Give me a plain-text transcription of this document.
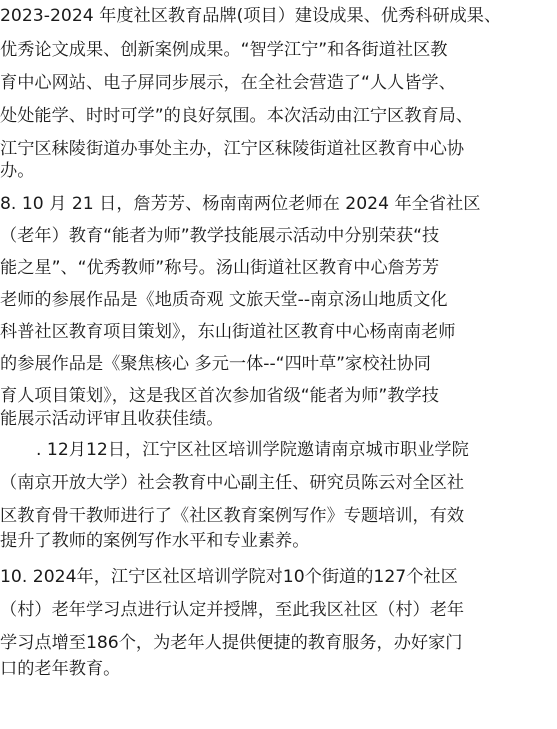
2023-2024 年度社区教育品牌(项目）建设成果、优秀科研成果、
优秀论文成果、创新案例成果。“智学江宁”和各街道社区教
育中心网站、电子屏同步展示，在全社会营造了“人人皆学、
处处能学、时时可学”的良好氛围。本次活动由江宁区教育局、
江宁区秣陵街道办事处主办，江宁区秣陵街道社区教育中心协
办。
8. 10 月 21 日，詹芳芳、杨南南两位老师在 2024 年全省社区
（老年）教育“能者为师”教学技能展示活动中分别荣获“技
能之星”、“优秀教师”称号。汤山街道社区教育中心詹芳芳
老师的参展作品是《地质奇观 文旅天堂--南京汤山地质文化
科普社区教育项目策划》，东山街道社区教育中心杨南南老师
的参展作品是《聚焦核心 多元一体--“四叶草”家校社协同
育人项目策划》，这是我区首次参加省级“能者为师”教学技
能展示活动评审且收获佳绩。
. 12月12日，江宁区社区培训学院邀请南京城市职业学院
（南京开放大学）社会教育中心副主任、研究员陈云对全区社
区教育骨干教师进行了《社区教育案例写作》专题培训，有效
提升了教师的案例写作水平和专业素养。
10. 2024年，江宁区社区培训学院对10个街道的127个社区
（村）老年学习点进行认定并授牌，至此我区社区（村）老年
学习点增至186个，为老年人提供便捷的教育服务，办好家门
口的老年教育。
